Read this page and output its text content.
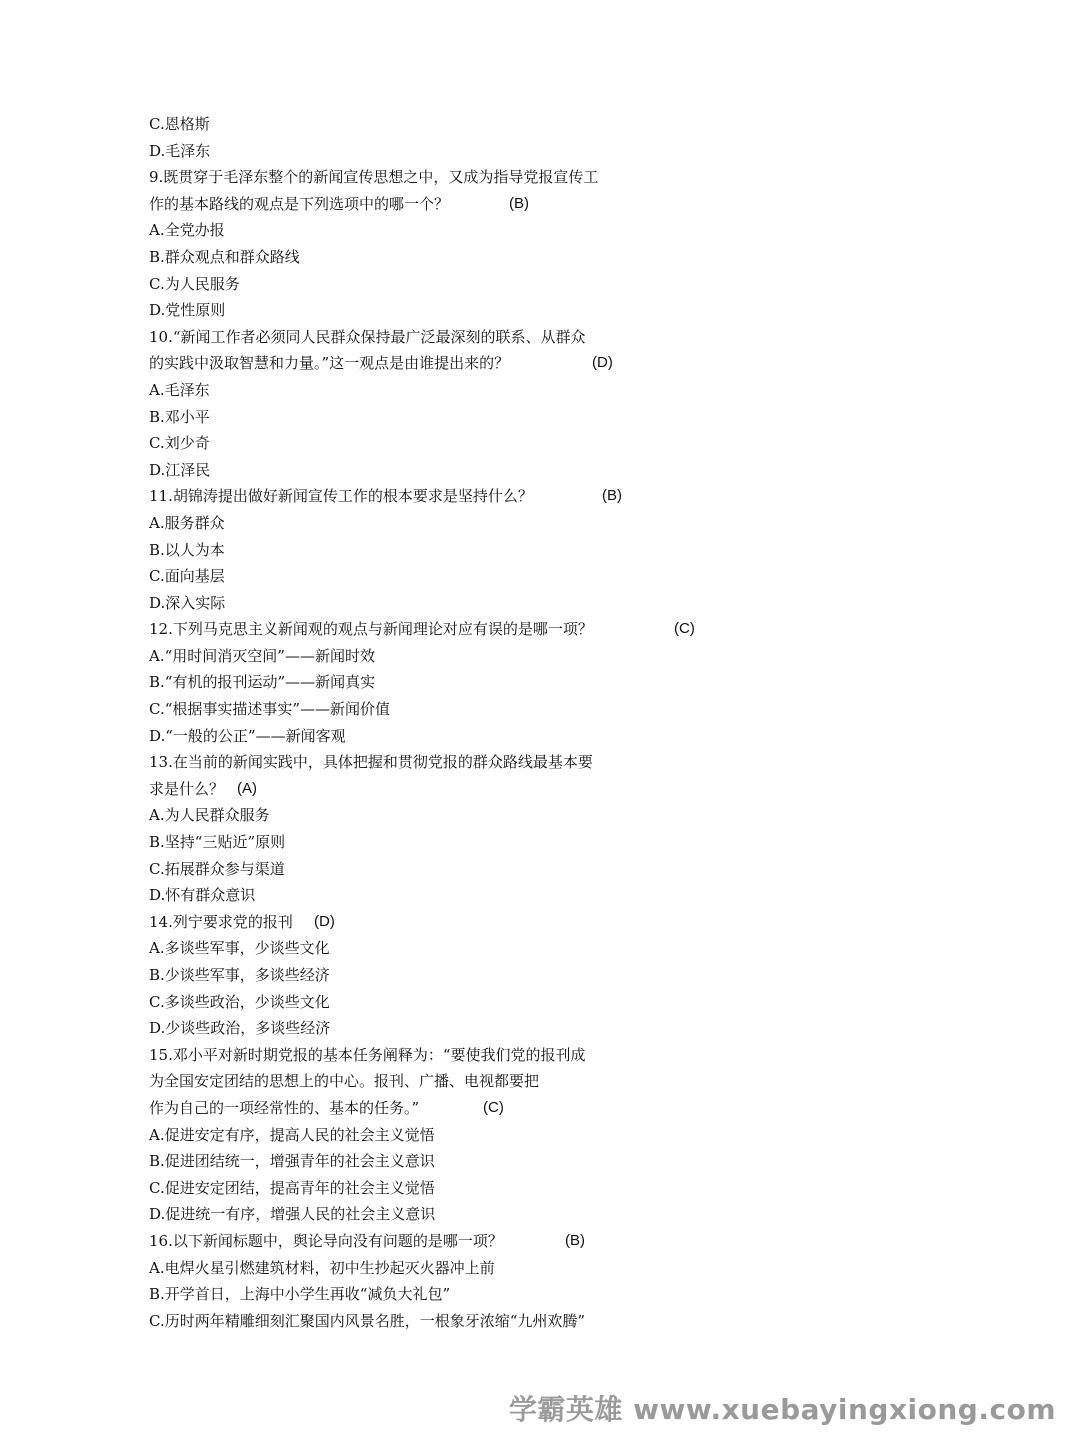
C.恩格斯
D.毛泽东
9.既贯穿于毛泽东整个的新闻宣传思想之中，又成为指导党报宣传工
作的基本路线的观点是下列选项中的哪一个？	(B)
A.全党办报
B.群众观点和群众路线
C.为人民服务
D.党性原则
10.“新闻工作者必须同人民群众保持最广泛最深刻的联系、从群众
的实践中汲取智慧和力量。”这一观点是由谁提出来的？	(D)
A.毛泽东
B.邓小平
C.刘少奇
D.江泽民
11.胡锦涛提出做好新闻宣传工作的根本要求是坚持什么？	(B)
A.服务群众
B.以人为本
C.面向基层
D.深入实际
12.下列马克思主义新闻观的观点与新闻理论对应有误的是哪一项？	(C)
A.“用时间消灭空间”——新闻时效
B.“有机的报刊运动”——新闻真实
C.“根据事实描述事实”——新闻价值
D.“一般的公正”——新闻客观
13.在当前的新闻实践中，具体把握和贯彻党报的群众路线最基本要
求是什么？ (A)
A.为人民群众服务
B.坚持“三贴近”原则
C.拓展群众参与渠道
D.怀有群众意识
14.列宁要求党的报刊 (D)
A.多谈些军事，少谈些文化
B.少谈些军事，多谈些经济
C.多谈些政治，少谈些文化
D.少谈些政治，多谈些经济
15.邓小平对新时期党报的基本任务阐释为：“要使我们党的报刊成
为全国安定团结的思想上的中心。报刊、广播、电视都要把
作为自己的一项经常性的、基本的任务。”	(C)
A.促进安定有序，提高人民的社会主义觉悟
B.促进团结统一，增强青年的社会主义意识
C.促进安定团结，提高青年的社会主义觉悟
D.促进统一有序，增强人民的社会主义意识
16.以下新闻标题中，舆论导向没有问题的是哪一项？	(B)
A.电焊火星引燃建筑材料，初中生抄起灭火器冲上前
B.开学首日，上海中小学生再收“减负大礼包”
C.历时两年精雕细刻汇聚国内风景名胜，一根象牙浓缩“九州欢腾”
学霸英雄 www.xuebayingxiong.com
